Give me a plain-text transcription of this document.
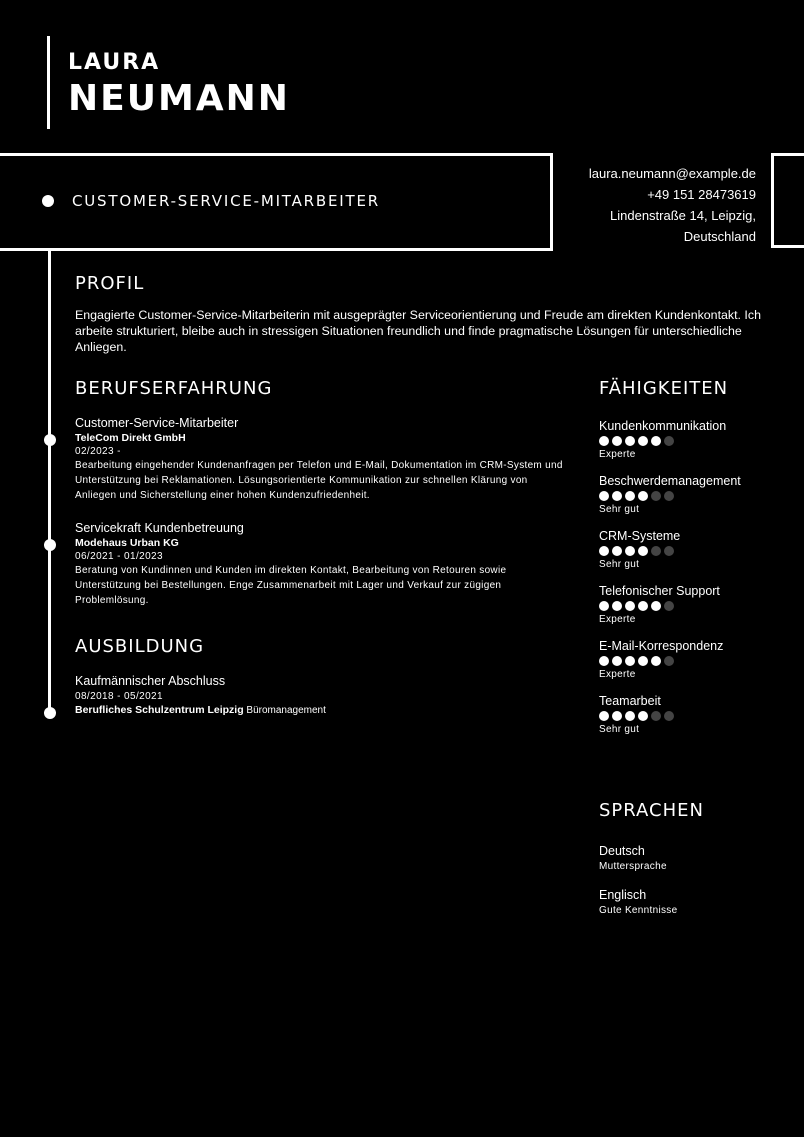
LAURA
NEUMANN
CUSTOMER-SERVICE-MITARBEITER
laura.neumann@example.de
+49 151 28473619
Lindenstraße 14, Leipzig,
Deutschland
PROFIL
Engagierte Customer-Service-Mitarbeiterin mit ausgeprägter Serviceorientierung und Freude am direkten Kundenkontakt. Ich arbeite strukturiert, bleibe auch in stressigen Situationen freundlich und finde pragmatische Lösungen für unterschiedliche Anliegen.
BERUFSERFAHRUNG
Customer-Service-Mitarbeiter
TeleCom Direkt GmbH
02/2023 -
Bearbeitung eingehender Kundenanfragen per Telefon und E-Mail, Dokumentation im CRM-System und Unterstützung bei Reklamationen. Lösungsorientierte Kommunikation zur schnellen Klärung von Anliegen und Sicherstellung einer hohen Kundenzufriedenheit.
Servicekraft Kundenbetreuung
Modehaus Urban KG
06/2021 - 01/2023
Beratung von Kundinnen und Kunden im direkten Kontakt, Bearbeitung von Retouren sowie Unterstützung bei Bestellungen. Enge Zusammenarbeit mit Lager und Verkauf zur zügigen Problemlösung.
AUSBILDUNG
Kaufmännischer Abschluss
08/2018 - 05/2021
Berufliches Schulzentrum Leipzig Büromanagement
FÄHIGKEITEN
Kundenkommunikation
Experte
Beschwerdemanagement
Sehr gut
CRM-Systeme
Sehr gut
Telefonischer Support
Experte
E-Mail-Korrespondenz
Experte
Teamarbeit
Sehr gut
SPRACHEN
Deutsch
Muttersprache
Englisch
Gute Kenntnisse
